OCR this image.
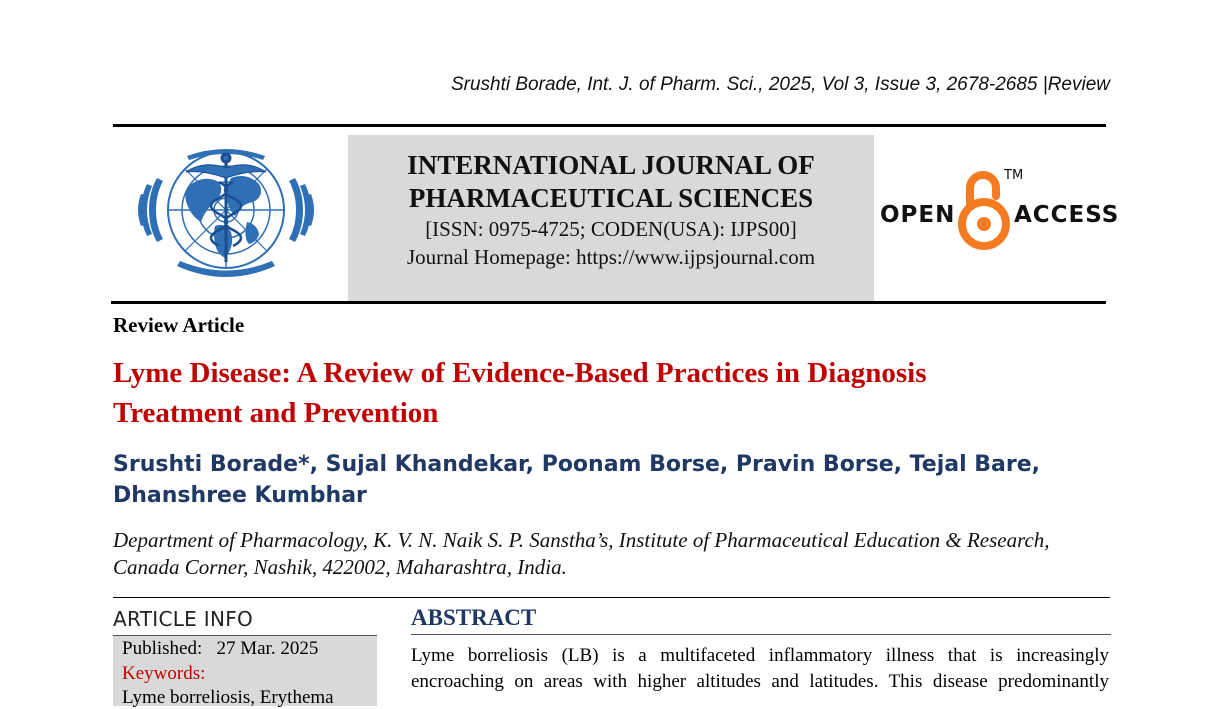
Srushti Borade, Int. J. of Pharm. Sci., 2025, Vol 3, Issue 3, 2678-2685 |Review
INTERNATIONAL JOURNAL OF
PHARMACEUTICAL SCIENCES
[ISSN: 0975-4725; CODEN(USA): IJPS00]
Journal Homepage: https://www.ijpsjournal.com
OPEN
TM
ACCESS
Review Article
Lyme Disease: A Review of Evidence-Based Practices in Diagnosis
Treatment and Prevention
Srushti Borade*, Sujal Khandekar, Poonam Borse, Pravin Borse, Tejal Bare,
Dhanshree Kumbhar
Department of Pharmacology, K. V. N. Naik S. P. Sanstha’s, Institute of Pharmaceutical Education & Research,
Canada Corner, Nashik, 422002, Maharashtra, India.
ARTICLE INFO
Published: 27 Mar. 2025
Keywords:
Lyme borreliosis, Erythema
ABSTRACT
Lyme borreliosis (LB) is a multifaceted inflammatory illness that is increasingly
encroaching on areas with higher altitudes and latitudes. This disease predominantly
